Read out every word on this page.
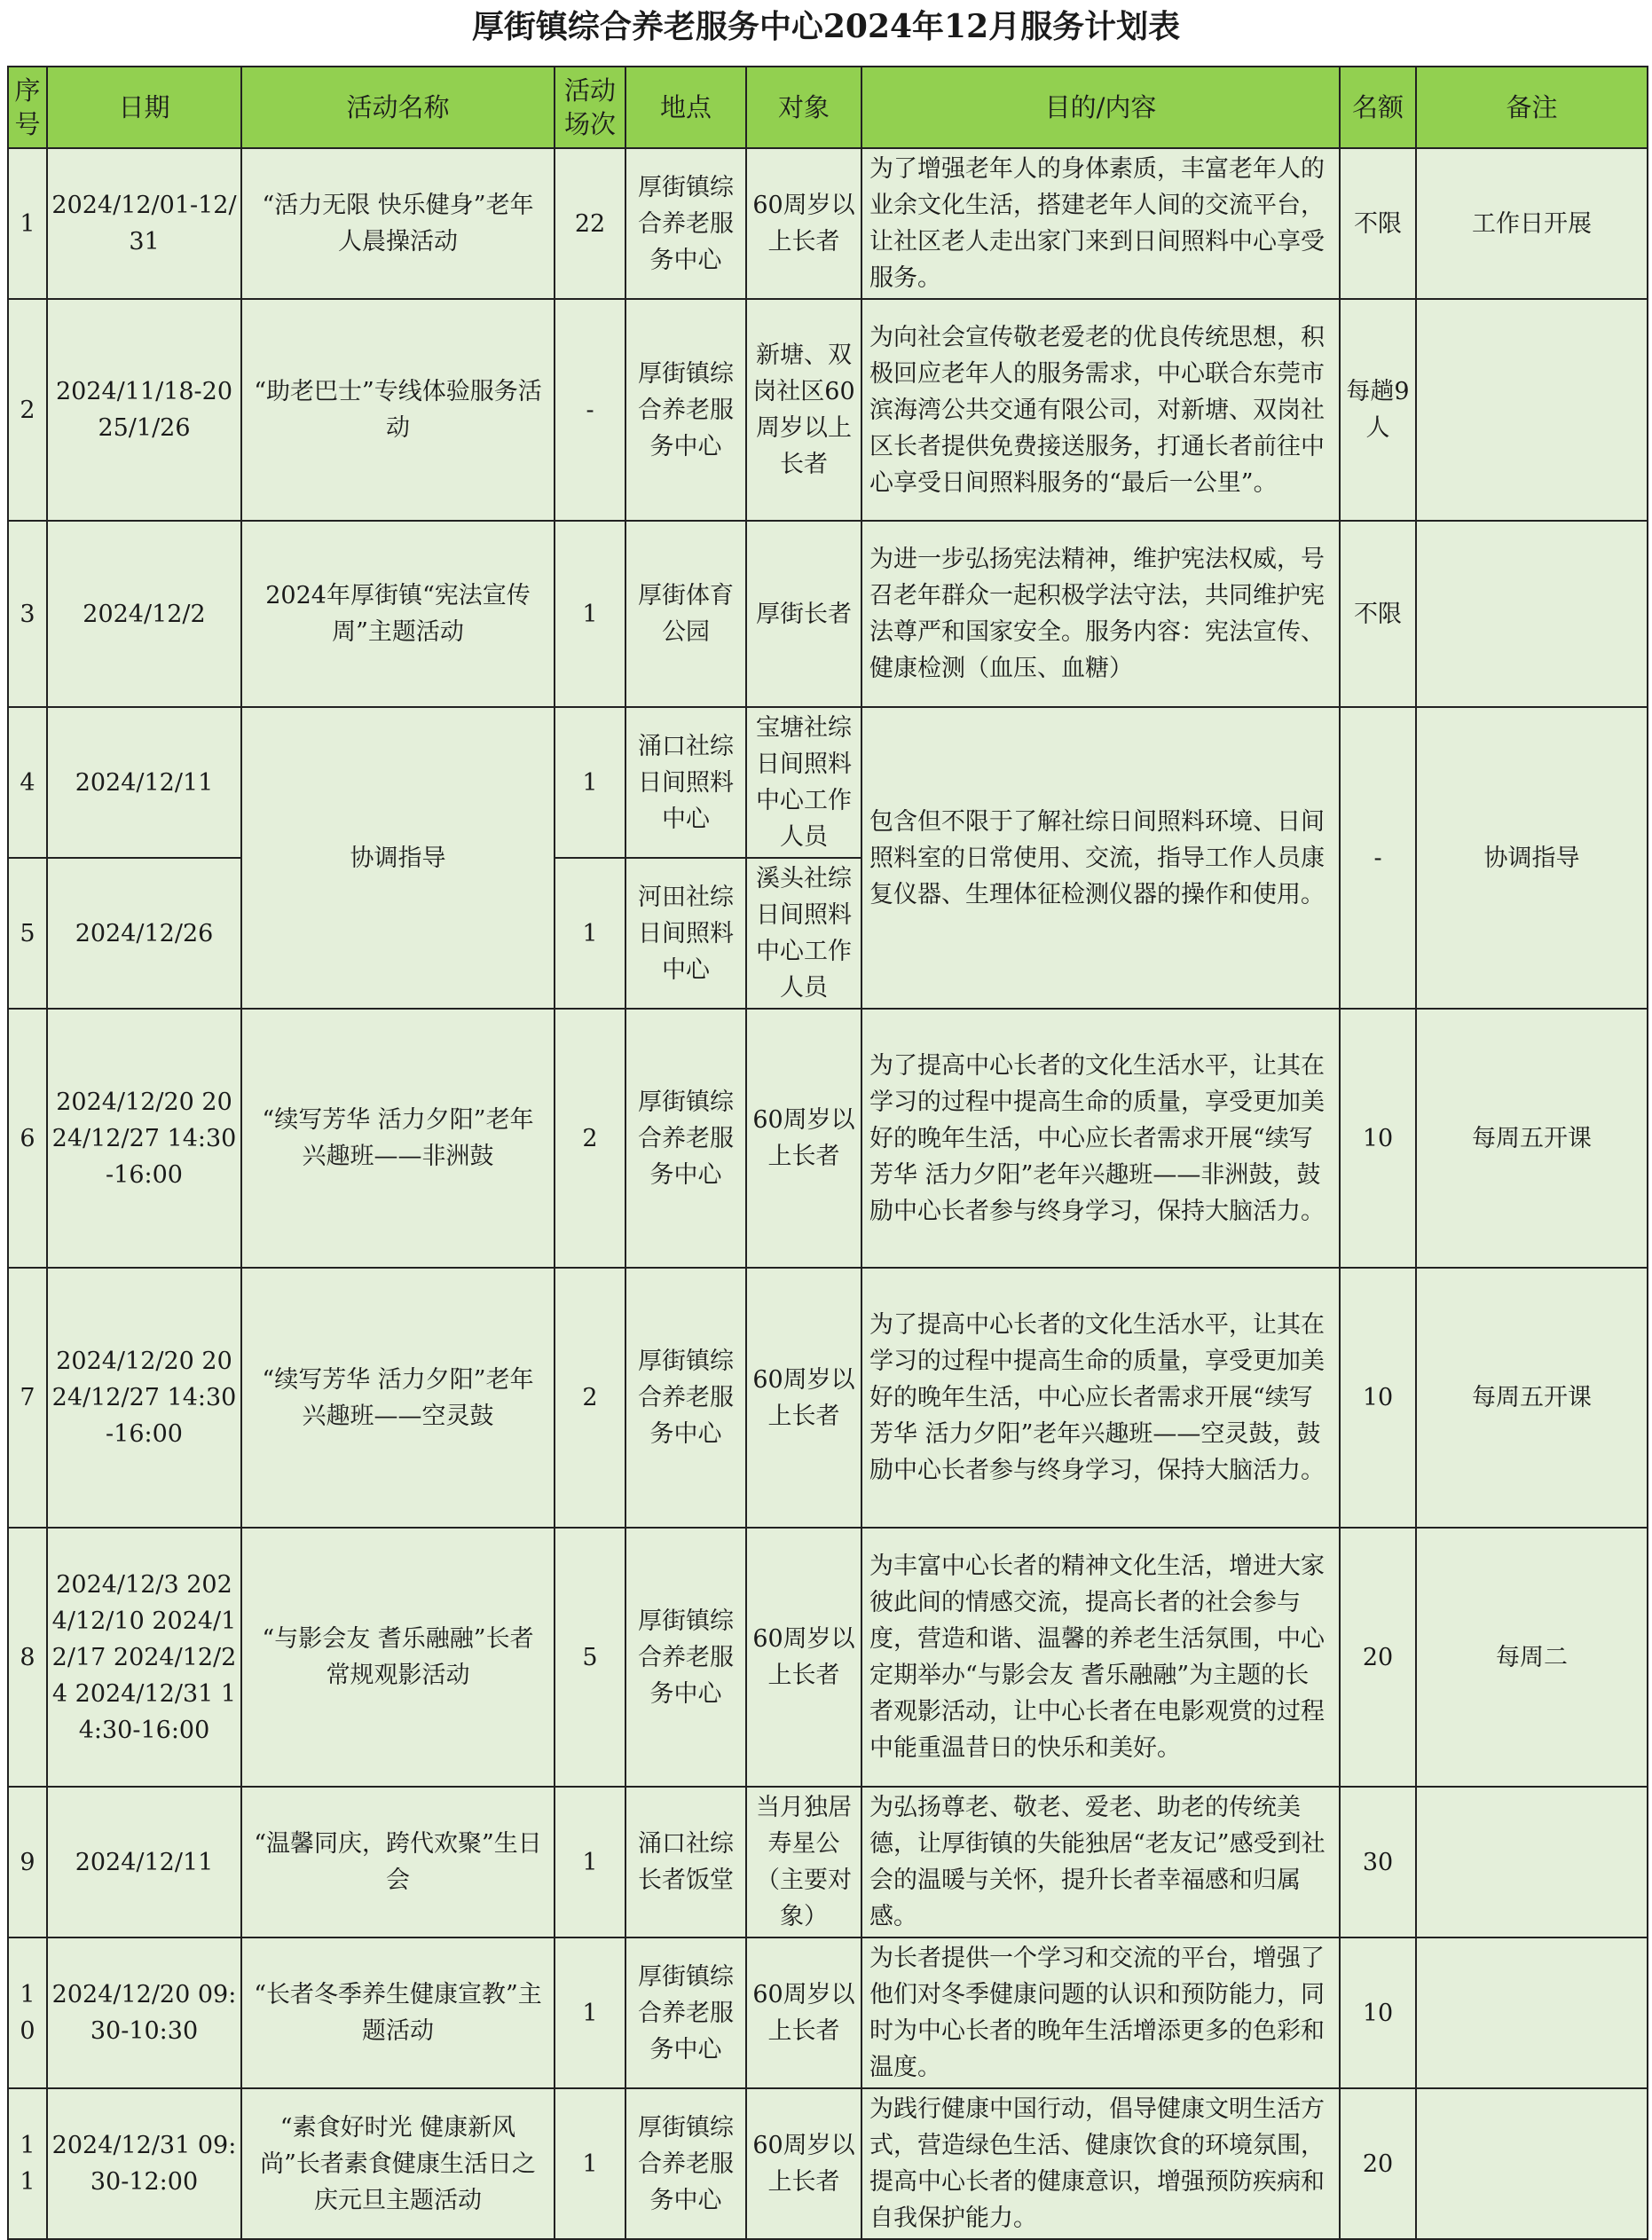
厚街镇综合养老服务中心2024年12月服务计划表
序号	日期	活动名称	活动场次	地点	对象	目的/内容	名额	备注
1	2024/12/01-12/31	“活力无限 快乐健身”老年人晨操活动	22	厚街镇综合养老服务中心	60周岁以上长者	为了增强老年人的身体素质，丰富老年人的业余文化生活，搭建老年人间的交流平台，让社区老人走出家门来到日间照料中心享受服务。	不限	工作日开展
2	2024/11/18-2025/1/26	“助老巴士”专线体验服务活动	-	厚街镇综合养老服务中心	新塘、双岗社区60周岁以上长者	为向社会宣传敬老爱老的优良传统思想，积极回应老年人的服务需求，中心联合东莞市滨海湾公共交通有限公司，对新塘、双岗社区长者提供免费接送服务，打通长者前往中心享受日间照料服务的“最后一公里”。	每趟9人	
3	2024/12/2	2024年厚街镇“宪法宣传周”主题活动	1	厚街体育公园	厚街长者	为进一步弘扬宪法精神，维护宪法权威，号召老年群众一起积极学法守法，共同维护宪法尊严和国家安全。服务内容：宪法宣传、健康检测（血压、血糖）	不限	
4	2024/12/11	协调指导	1	涌口社综日间照料中心	宝塘社综日间照料中心工作人员	包含但不限于了解社综日间照料环境、日间照料室的日常使用、交流，指导工作人员康复仪器、生理体征检测仪器的操作和使用。	-	协调指导
5	2024/12/26		1	河田社综日间照料中心	溪头社综日间照料中心工作人员			
6	2024/12/20 2024/12/27 14:30-16:00	“续写芳华 活力夕阳”老年兴趣班——非洲鼓	2	厚街镇综合养老服务中心	60周岁以上长者	为了提高中心长者的文化生活水平，让其在学习的过程中提高生命的质量，享受更加美好的晚年生活，中心应长者需求开展“续写芳华 活力夕阳”老年兴趣班——非洲鼓，鼓励中心长者参与终身学习，保持大脑活力。	10	每周五开课
7	2024/12/20 2024/12/27 14:30-16:00	“续写芳华 活力夕阳”老年兴趣班——空灵鼓	2	厚街镇综合养老服务中心	60周岁以上长者	为了提高中心长者的文化生活水平，让其在学习的过程中提高生命的质量，享受更加美好的晚年生活，中心应长者需求开展“续写芳华 活力夕阳”老年兴趣班——空灵鼓，鼓励中心长者参与终身学习，保持大脑活力。	10	每周五开课
8	2024/12/3 2024/12/10 2024/12/17 2024/12/24 2024/12/31 14:30-16:00	“与影会友 耆乐融融”长者常规观影活动	5	厚街镇综合养老服务中心	60周岁以上长者	为丰富中心长者的精神文化生活，增进大家彼此间的情感交流，提高长者的社会参与度，营造和谐、温馨的养老生活氛围，中心定期举办“与影会友 耆乐融融”为主题的长者观影活动，让中心长者在电影观赏的过程中能重温昔日的快乐和美好。	20	每周二
9	2024/12/11	“温馨同庆，跨代欢聚”生日会	1	涌口社综长者饭堂	当月独居寿星公（主要对象）	为弘扬尊老、敬老、爱老、助老的传统美德，让厚街镇的失能独居“老友记”感受到社会的温暖与关怀，提升长者幸福感和归属感。	30	
10	2024/12/20 09:30-10:30	“长者冬季养生健康宣教”主题活动	1	厚街镇综合养老服务中心	60周岁以上长者	为长者提供一个学习和交流的平台，增强了他们对冬季健康问题的认识和预防能力，同时为中心长者的晚年生活增添更多的色彩和温度。	10	
11	2024/12/31 09:30-12:00	“素食好时光 健康新风尚”长者素食健康生活日之庆元旦主题活动	1	厚街镇综合养老服务中心	60周岁以上长者	为践行健康中国行动，倡导健康文明生活方式，营造绿色生活、健康饮食的环境氛围，提高中心长者的健康意识，增强预防疾病和自我保护能力。	20	
